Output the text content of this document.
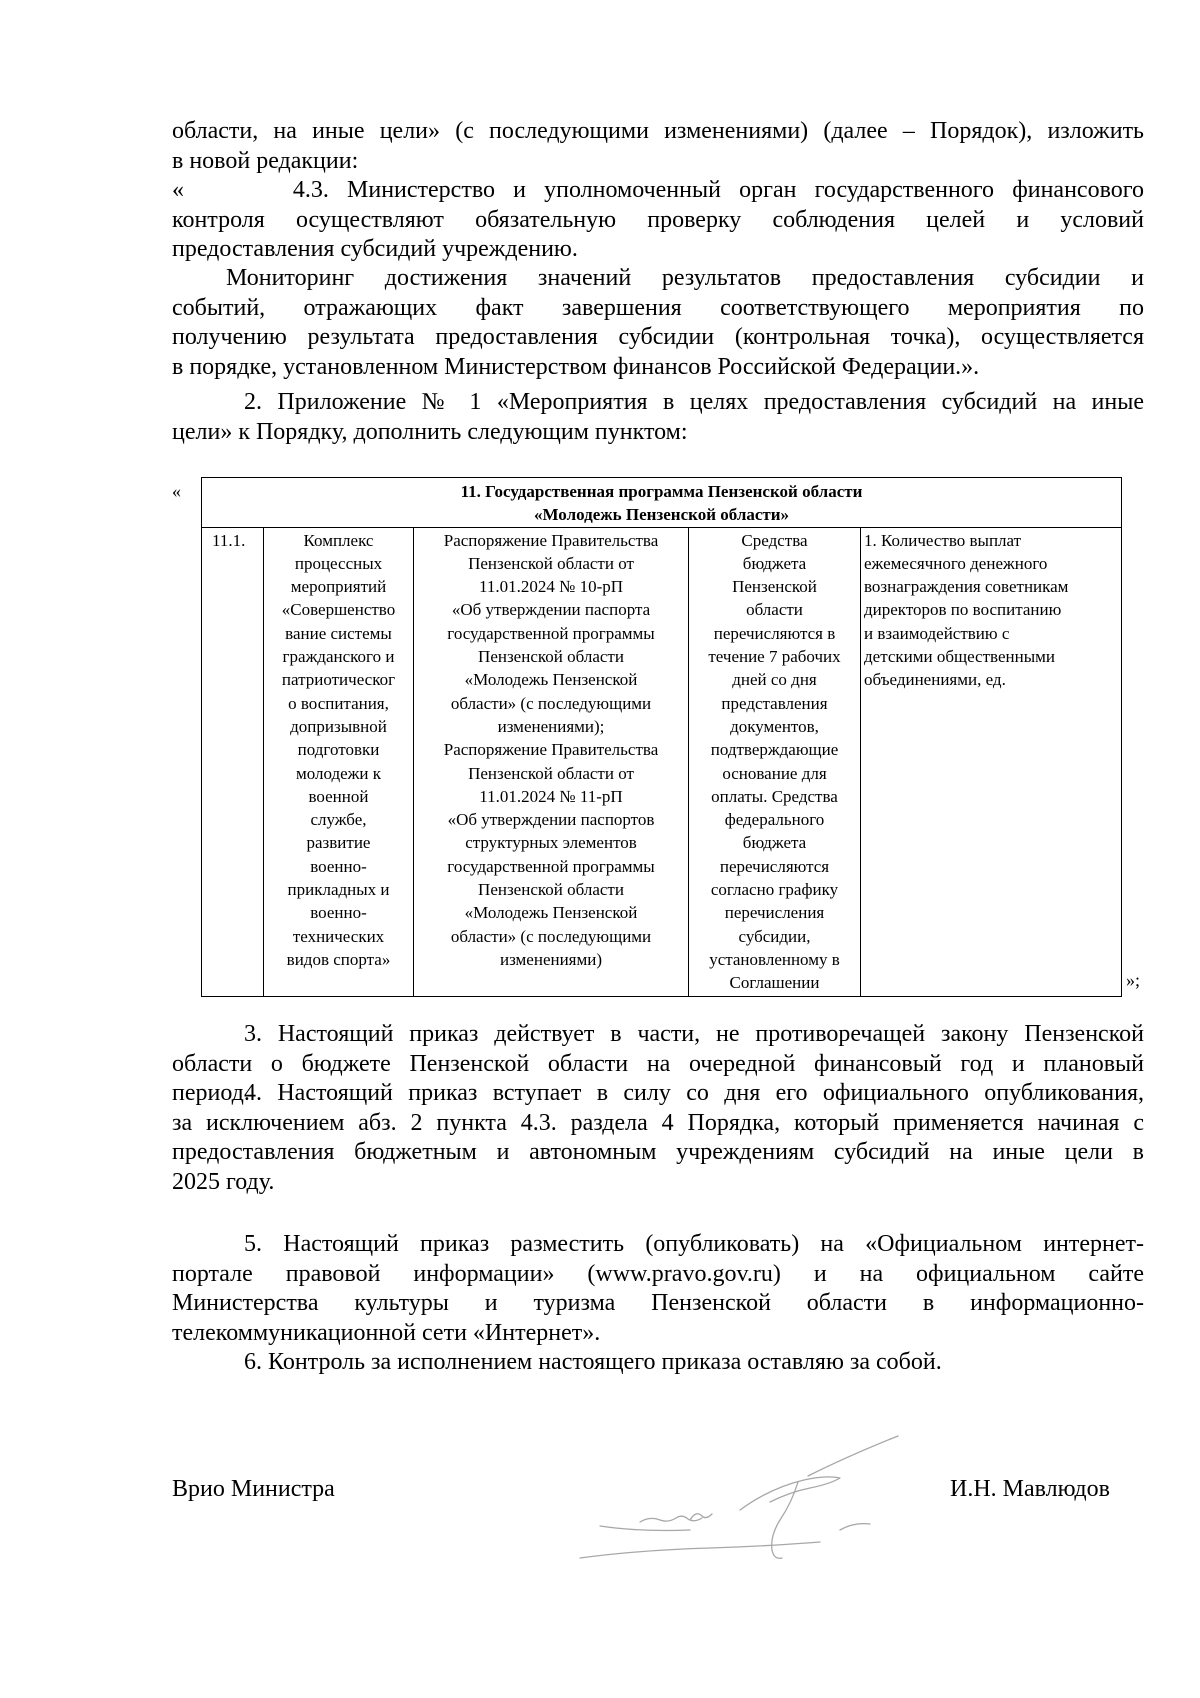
области, на иные цели» (с последующими изменениями) (далее – Порядок), изложить
в новой редакции:

«      4.3. Министерство и уполномоченный орган государственного финансового
контроля осуществляют обязательную проверку соблюдения целей и условий
предоставления субсидий учреждению.

Мониторинг достижения значений результатов предоставления субсидии и
событий, отражающих факт завершения соответствующего мероприятия по
получению результата предоставления субсидии (контрольная точка), осуществляется
в порядке, установленном Министерством финансов Российской Федерации.».

2. Приложение № 1 «Мероприятия в целях предоставления субсидий на иные
цели» к Порядку, дополнить следующим пунктом:

«	11. Государственная программа Пензенской области
«Молодежь Пензенской области»

11.1.	Комплекс
процессных
мероприятий
«Совершенство
вание системы
гражданского и
патриотическог
о воспитания,
допризывной
подготовки
молодежи к
военной
службе,
развитие
военно-
прикладных и
военно-
технических
видов спорта»	Распоряжение Правительства
Пензенской области от
11.01.2024 № 10-рП
«Об утверждении паспорта
государственной программы
Пензенской области
«Молодежь Пензенской
области» (с последующими
изменениями);
Распоряжение Правительства
Пензенской области от
11.01.2024 № 11-рП
«Об утверждении паспортов
структурных элементов
государственной программы
Пензенской области
«Молодежь Пензенской
области» (с последующими
изменениями)	Средства
бюджета
Пензенской
области
перечисляются в
течение 7 рабочих
дней со дня
представления
документов,
подтверждающие
основание для
оплаты. Средства
федерального
бюджета
перечисляются
согласно графику
перечисления
субсидии,
установленному в
Соглашении	1. Количество выплат
ежемесячного денежного
вознаграждения советникам
директоров по воспитанию
и взаимодействию с
детскими общественными
объединениями, ед.
»;

3. Настоящий приказ действует в части, не противоречащей закону Пензенской
области о бюджете Пензенской области на очередной финансовый год и плановый
период.

4. Настоящий приказ вступает в силу со дня его официального опубликования,
за исключением абз. 2 пункта 4.3. раздела 4 Порядка, который применяется начиная с
предоставления бюджетным и автономным учреждениям субсидий на иные цели в
2025 году.

5. Настоящий приказ разместить (опубликовать) на «Официальном интернет-
портале правовой информации» (www.pravo.gov.ru) и на официальном сайте
Министерства культуры и туризма Пензенской области в информационно-
телекоммуникационной сети «Интернет».

6. Контроль за исполнением настоящего приказа оставляю за собой.

Врио Министра	И.Н. Мавлюдов
